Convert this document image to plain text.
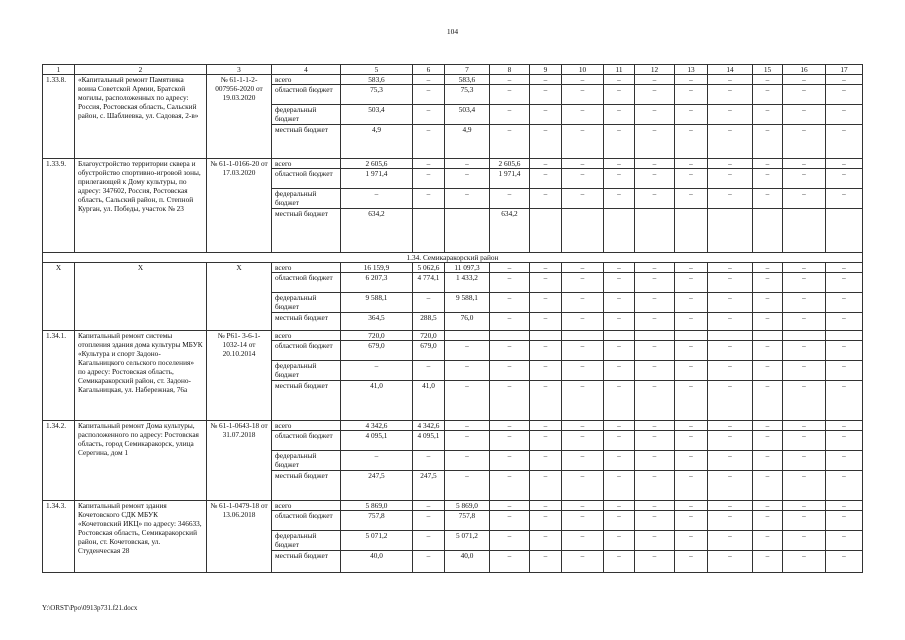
104
1	2	3	4	5	6	7	8	9	10	11	12	13	14	15	16	17
1.33.8.	«Капитальный ремонт Памятника воина Советской Армии, Братской могилы, расположенных по адресу: Россия, Ростовская область, Сальский район, с. Шаблиевка, ул. Садовая, 2-в»	№ 61-1-1-2-007956-2020 от 19.03.2020	всего	583,6	–	583,6	–	–	–	–	–	–	–	–	–	–
			областной бюджет	75,3	–	75,3	–	–	–	–	–	–	–	–	–	–
			федеральный бюджет	503,4	–	503,4	–	–	–	–	–	–	–	–	–	–
			местный бюджет	4,9	–	4,9	–	–	–	–	–	–	–	–	–	–
1.33.9.	Благоустройство территории сквера и обустройство спортивно-игровой зоны, прилегающей к Дому культуры, по адресу: 347602, Россия, Ростовская область, Сальский район, п. Степной Курган, ул. Победы, участок № 23	№ 61-1-0166-20 от 17.03.2020	всего	2 605,6	–	–	2 605,6	–	–	–	–	–	–	–	–	–
			областной бюджет	1 971,4	–	–	1 971,4	–	–	–	–	–	–	–	–	–
			федеральный бюджет	–	–	–	–	–	–	–	–	–	–	–	–	–
			местный бюджет	634,2			634,2									
1.34. Семикаракорский район																
Х	Х	Х	всего	16 159,9	5 062,6	11 097,3	–	–	–	–	–	–	–	–	–	–
			областной бюджет	6 207,3	4 774,1	1 433,2	–	–	–	–	–	–	–	–	–	–
			федеральный бюджет	9 588,1	–	9 588,1	–	–	–	–	–	–	–	–	–	–
			местный бюджет	364,5	288,5	76,0	–	–	–	–	–	–	–	–	–	–
1.34.1.	Капитальный ремонт системы отопления здания дома культуры МБУК «Культура и спорт Задоно-Кагальницкого сельского поселения» по адресу: Ростовская область, Семикаракорский район, ст. Задоно-Кагальницкая, ул. Набережная, 76а	№ Р61- 3-6-1-1032-14 от 20.10.2014	всего	720,0	720,0											
			областной бюджет	679,0	679,0	–	–	–	–	–	–	–	–	–	–	–
			федеральный бюджет	–	–	–	–	–	–	–	–	–	–	–	–	–
			местный бюджет	41,0	41,0	–	–	–	–	–	–	–	–	–	–	–
1.34.2.	Капитальный ремонт Дома культуры, расположенного по адресу: Ростовская область, город Семикаракорск, улица Серегина, дом 1	№ 61-1-0643-18 от 31.07.2018	всего	4 342,6	4 342,6	–	–	–	–	–	–	–	–	–	–	–
			областной бюджет	4 095,1	4 095,1	–	–	–	–	–	–	–	–	–	–	–
			федеральный бюджет	–	–	–	–	–	–	–	–	–	–	–	–	–
			местный бюджет	247,5	247,5	–	–	–	–	–	–	–	–	–	–	–
1.34.3.	Капитальный ремонт здания Кочетовского СДК МБУК «Кочетовский ИКЦ» по адресу: 346633, Ростовская область, Семикаракорский район, ст. Кочетовская, ул. Студенческая 28	№ 61-1-0479-18 от 13.06.2018	всего	5 869,0	–	5 869,0	–	–	–	–	–	–	–	–	–	–
			областной бюджет	757,8	–	757,8	–	–	–	–	–	–	–	–	–	–
			федеральный бюджет	5 071,2	–	5 071,2	–	–	–	–	–	–	–	–	–	–
			местный бюджет	40,0	–	40,0	–	–	–	–	–	–	–	–	–	–
Y:\ORST\Ppo\0913p731.f21.docx
